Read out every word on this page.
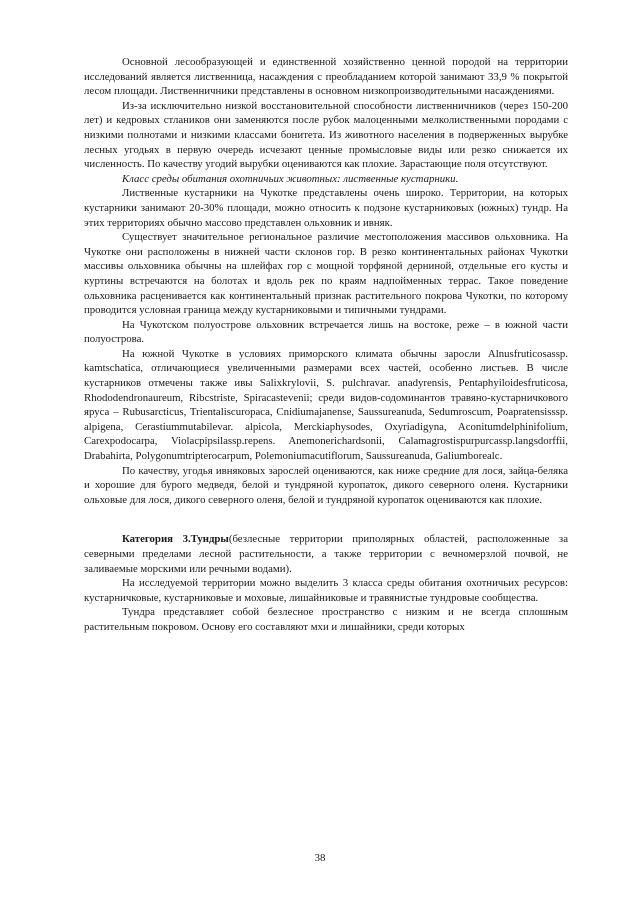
Основной лесообразующей и единственной хозяйственно ценной породой на территории исследований является лиственница, насаждения с преобладанием которой занимают 33,9 % покрытой лесом площади. Лиственничники представлены в основном низкопроизводительными насаждениями.

Из-за исключительно низкой восстановительной способности лиственничников (через 150-200 лет) и кедровых стлаников они заменяются после рубок малоценными мелколиственными породами с низкими полнотами и низкими классами бонитета. Из животного населения в подверженных вырубке лесных угодьях в первую очередь исчезают ценные промысловые виды или резко снижается их численность. По качеству угодий вырубки оцениваются как плохие. Зарастающие поля отсутствуют.

Класс среды обитания охотничьих животных: лиственные кустарники.

Лиственные кустарники на Чукотке представлены очень широко. Территории, на которых кустарники занимают 20-30% площади, можно относить к подзоне кустарниковых (южных) тундр. На этих территориях обычно массово представлен ольховник и ивняк.

Существует значительное региональное различие местоположения массивов ольховника. На Чукотке они расположены в нижней части склонов гор. В резко континентальных районах Чукотки массивы ольховника обычны на шлейфах гор с мощной торфяной дерниной, отдельные его кусты и куртины встречаются на болотах и вдоль рек по краям надпойменных террас. Такое поведение ольховника расценивается как континентальный признак растительного покрова Чукотки, по которому проводится условная граница между кустарниковыми и типичными тундрами.

На Чукотском полуострове ольховник встречается лишь на востоке, реже – в южной части полуострова.

На южной Чукотке в условиях приморского климата обычны заросли Alnusfruticosassp. kamtschatica, отличающиеся увеличенными размерами всех частей, особенно листьев. В числе кустарников отмечены также ивы Salixkrylovii, S. pulchravar. anadyrensis, Pentaphyiloidesfruticosa, Rhododendronaureum, Ribcstriste, Spiracastevenii; среди видов-содоминантов травяно-кустарничкового яруса – Rubusarcticus, Trientaliscuropaca, Cnidiumajanense, Saussureanuda, Sedumroscum, Poapratensisssp. alpigena, Cerastiummutabilevar. alpicola, Merckiaphysodes, Oxyriadigyna, Aconitumdelphinifolium, Carexpodocarpa, Violacpipsilassp.repens. Anemonerichardsonii, Calamagrostispurpurcassp.langsdorffii, Drabahirta, Polygonumtripterocarpum, Polemoniumacutiflorum, Saussureanuda, Galiumborealc.

По качеству, угодья ивняковых зарослей оцениваются, как ниже средние для лося, зайца-беляка и хорошие для бурого медведя, белой и тундряной куропаток, дикого северного оленя. Кустарники ольховые для лося, дикого северного оленя, белой и тундряной куропаток оцениваются как плохие.

Категория 3.Тундры(безлесные территории приполярных областей, расположенные за северными пределами лесной растительности, а также территории с вечномерзлой почвой, не заливаемые морскими или речными водами).

На исследуемой территории можно выделить 3 класса среды обитания охотничьих ресурсов: кустарничковые, кустарниковые и моховые, лишайниковые и травянистые тундровые сообщества.

Тундра представляет собой безлесное пространство с низким и не всегда сплошным растительным покровом. Основу его составляют мхи и лишайники, среди которых

38
